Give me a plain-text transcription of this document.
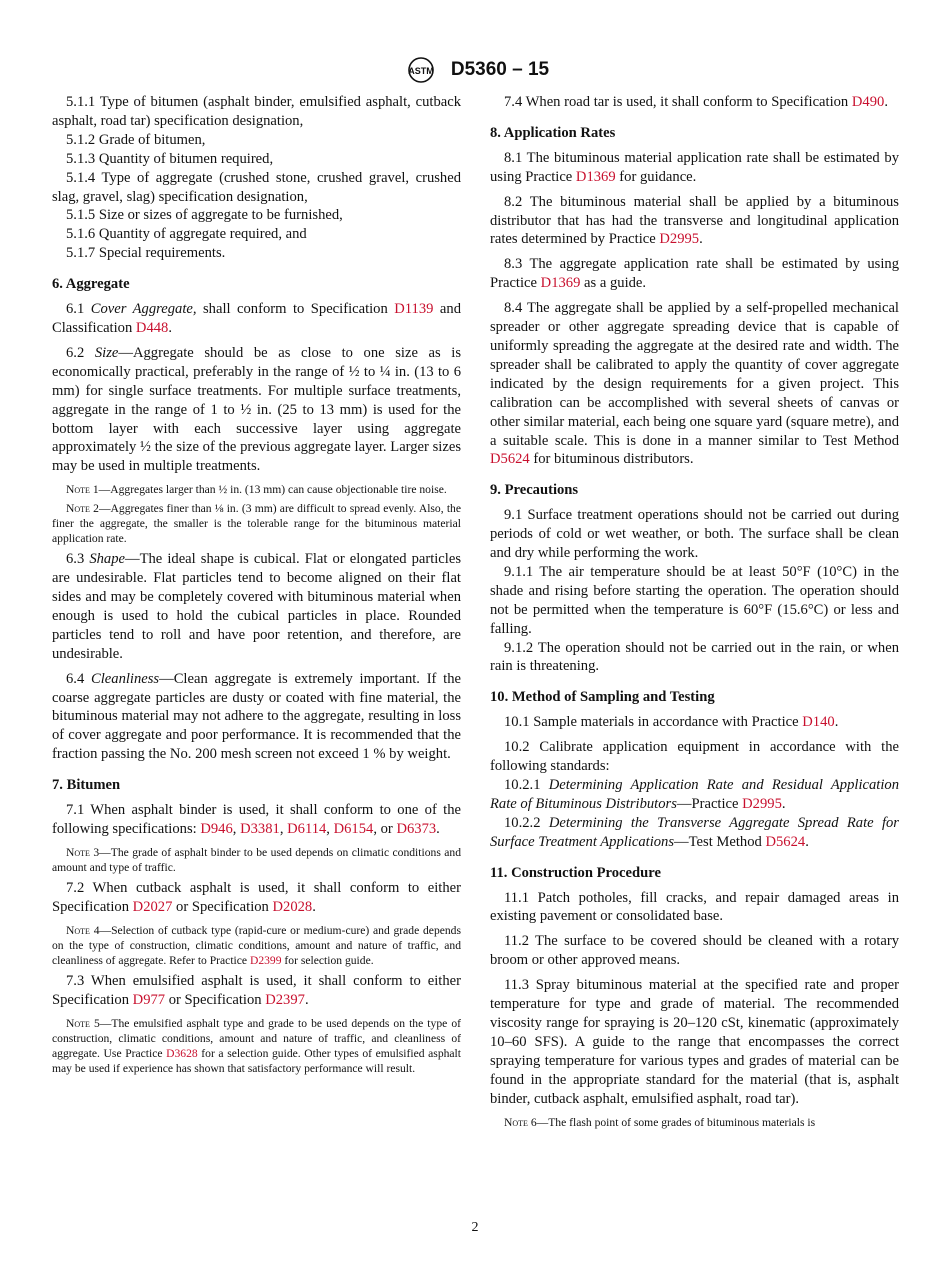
ASTM D5360 – 15
5.1.1 Type of bitumen (asphalt binder, emulsified asphalt, cutback asphalt, road tar) specification designation,
5.1.2 Grade of bitumen,
5.1.3 Quantity of bitumen required,
5.1.4 Type of aggregate (crushed stone, crushed gravel, crushed slag, gravel, slag) specification designation,
5.1.5 Size or sizes of aggregate to be furnished,
5.1.6 Quantity of aggregate required, and
5.1.7 Special requirements.
6. Aggregate
6.1 Cover Aggregate, shall conform to Specification D1139 and Classification D448.
6.2 Size—Aggregate should be as close to one size as is economically practical, preferably in the range of ½ to ¼ in. (13 to 6 mm) for single surface treatments. For multiple surface treatments, aggregate in the range of 1 to ½ in. (25 to 13 mm) is used for the bottom layer with each successive layer using aggregate approximately ½ the size of the previous aggregate layer. Larger sizes may be used in multiple treatments.
Note 1—Aggregates larger than ½ in. (13 mm) can cause objectionable tire noise.
Note 2—Aggregates finer than ⅛ in. (3 mm) are difficult to spread evenly. Also, the finer the aggregate, the smaller is the tolerable range for the bituminous material application rate.
6.3 Shape—The ideal shape is cubical. Flat or elongated particles are undesirable. Flat particles tend to become aligned on their flat sides and may be completely covered with bituminous material when enough is used to hold the cubical particles in place. Rounded particles tend to roll and have poor retention, and therefore, are undesirable.
6.4 Cleanliness—Clean aggregate is extremely important. If the coarse aggregate particles are dusty or coated with fine material, the bituminous material may not adhere to the aggregate, resulting in loss of cover aggregate and poor performance. It is recommended that the fraction passing the No. 200 mesh screen not exceed 1 % by weight.
7. Bitumen
7.1 When asphalt binder is used, it shall conform to one of the following specifications: D946, D3381, D6114, D6154, or D6373.
Note 3—The grade of asphalt binder to be used depends on climatic conditions and amount and type of traffic.
7.2 When cutback asphalt is used, it shall conform to either Specification D2027 or Specification D2028.
Note 4—Selection of cutback type (rapid-cure or medium-cure) and grade depends on the type of construction, climatic conditions, amount and nature of traffic, and cleanliness of aggregate. Refer to Practice D2399 for selection guide.
7.3 When emulsified asphalt is used, it shall conform to either Specification D977 or Specification D2397.
Note 5—The emulsified asphalt type and grade to be used depends on the type of construction, climatic conditions, amount and nature of traffic, and cleanliness of aggregate. Use Practice D3628 for a selection guide. Other types of emulsified asphalt may be used if experience has shown that satisfactory performance will result.
7.4 When road tar is used, it shall conform to Specification D490.
8. Application Rates
8.1 The bituminous material application rate shall be estimated by using Practice D1369 for guidance.
8.2 The bituminous material shall be applied by a bituminous distributor that has had the transverse and longitudinal application rates determined by Practice D2995.
8.3 The aggregate application rate shall be estimated by using Practice D1369 as a guide.
8.4 The aggregate shall be applied by a self-propelled mechanical spreader or other aggregate spreading device that is capable of uniformly spreading the aggregate at the desired rate and width. The spreader shall be calibrated to apply the quantity of cover aggregate indicated by the design requirements for a given project. This calibration can be accomplished with several sheets of canvas or other similar material, each being one square yard (square metre), and a suitable scale. This is done in a manner similar to Test Method D5624 for bituminous distributors.
9. Precautions
9.1 Surface treatment operations should not be carried out during periods of cold or wet weather, or both. The surface shall be clean and dry while performing the work.
9.1.1 The air temperature should be at least 50°F (10°C) in the shade and rising before starting the operation. The operation should not be permitted when the temperature is 60°F (15.6°C) or less and falling.
9.1.2 The operation should not be carried out in the rain, or when rain is threatening.
10. Method of Sampling and Testing
10.1 Sample materials in accordance with Practice D140.
10.2 Calibrate application equipment in accordance with the following standards:
10.2.1 Determining Application Rate and Residual Application Rate of Bituminous Distributors—Practice D2995.
10.2.2 Determining the Transverse Aggregate Spread Rate for Surface Treatment Applications—Test Method D5624.
11. Construction Procedure
11.1 Patch potholes, fill cracks, and repair damaged areas in existing pavement or consolidated base.
11.2 The surface to be covered should be cleaned with a rotary broom or other approved means.
11.3 Spray bituminous material at the specified rate and proper temperature for type and grade of material. The recommended viscosity range for spraying is 20–120 cSt, kinematic (approximately 10–60 SFS). A guide to the range that encompasses the correct spraying temperature for various types and grades of material can be found in the appropriate standard for the material (that is, asphalt binder, cutback asphalt, emulsified asphalt, road tar).
Note 6—The flash point of some grades of bituminous materials is
2
